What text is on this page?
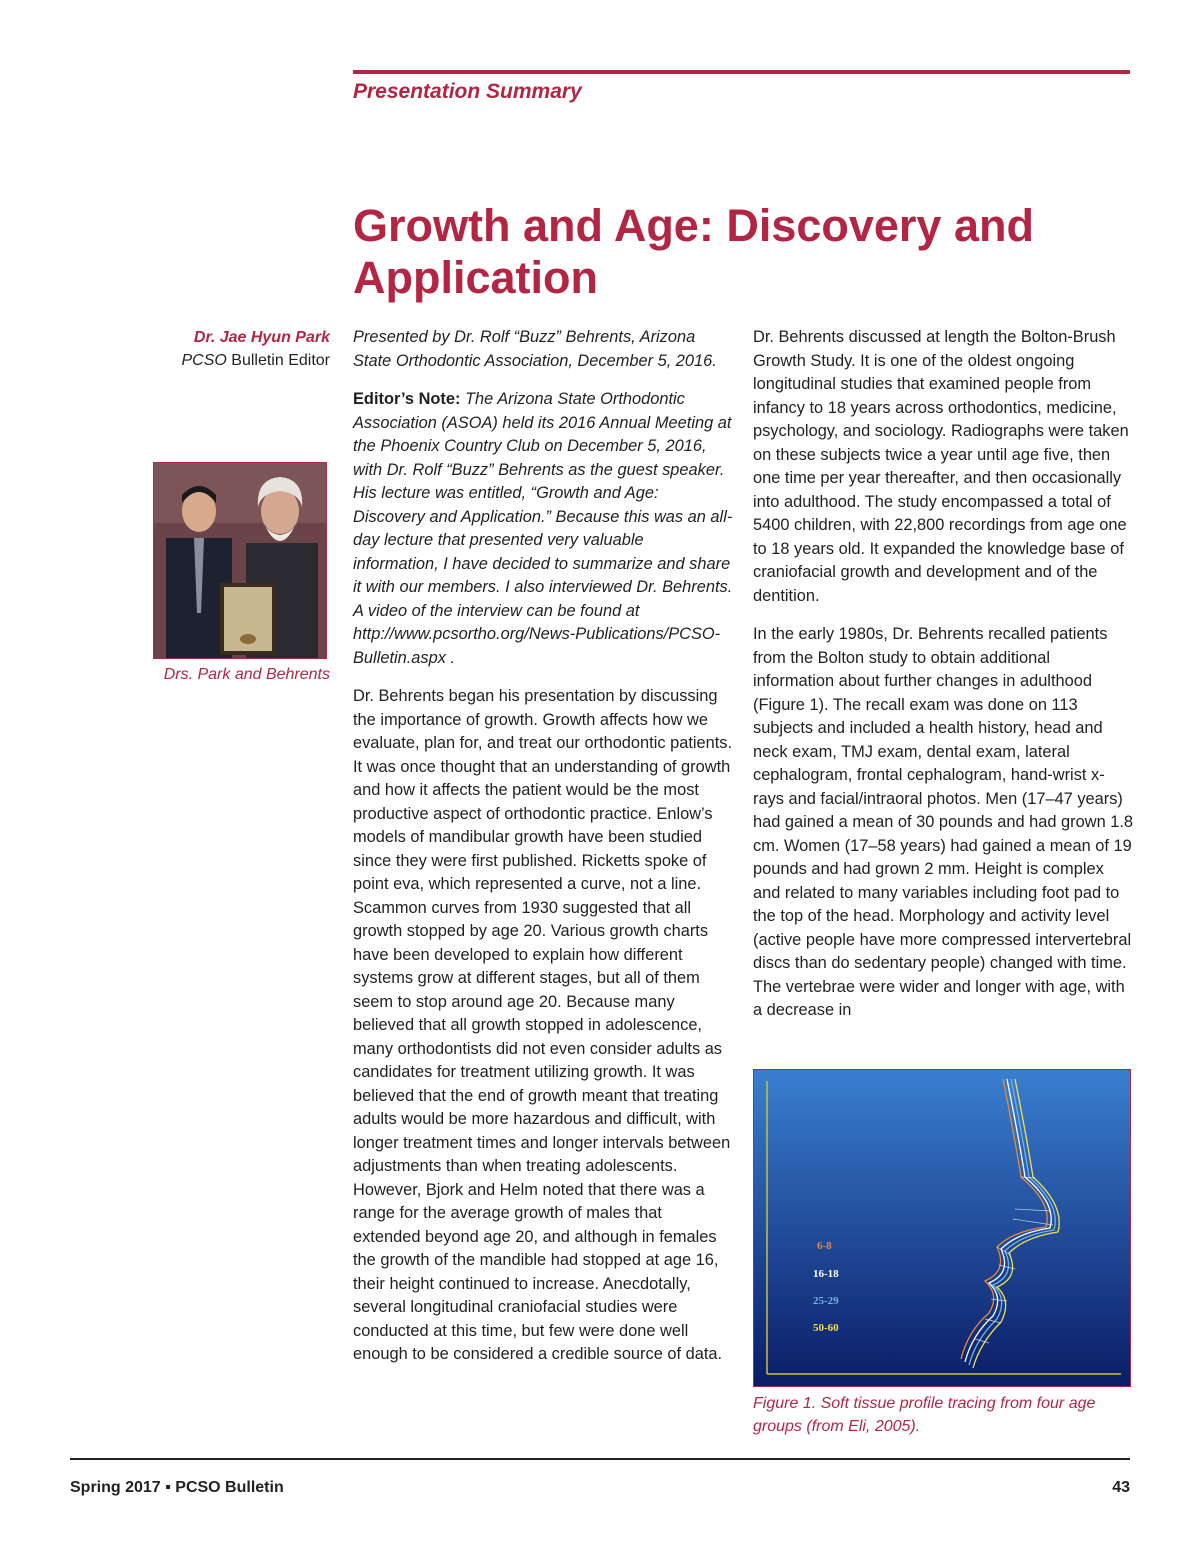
Presentation Summary
Growth and Age: Discovery and Application
Dr. Jae Hyun Park
PCSO Bulletin Editor
Drs. Park and Behrents

Presented by Dr. Rolf “Buzz” Behrents, Arizona State Orthodontic Association, December 5, 2016.

Editor’s Note: The Arizona State Orthodontic Association (ASOA) held its 2016 Annual Meeting at the Phoenix Country Club on December 5, 2016, with Dr. Rolf “Buzz” Behrents as the guest speaker. His lecture was entitled, “Growth and Age: Discovery and Application.” Because this was an all-day lecture that presented very valuable information, I have decided to summarize and share it with our members. I also interviewed Dr. Behrents. A video of the interview can be found at http://www.pcsortho.org/News-Publications/PCSO-Bulletin.aspx .

Dr. Behrents began his presentation by discussing the importance of growth. Growth affects how we evaluate, plan for, and treat our orthodontic patients. It was once thought that an understanding of growth and how it affects the patient would be the most productive aspect of orthodontic practice. Enlow’s models of mandibular growth have been studied since they were first published. Ricketts spoke of point eva, which represented a curve, not a line. Scammon curves from 1930 suggested that all growth stopped by age 20. Various growth charts have been developed to explain how different systems grow at different stages, but all of them seem to stop around age 20. Because many believed that all growth stopped in adolescence, many orthodontists did not even consider adults as candidates for treatment utilizing growth. It was believed that the end of growth meant that treating adults would be more hazardous and difficult, with longer treatment times and longer intervals between adjustments than when treating adolescents. However, Bjork and Helm noted that there was a range for the average growth of males that extended beyond age 20, and although in females the growth of the mandible had stopped at age 16, their height continued to increase. Anecdotally, several longitudinal craniofacial studies were conducted at this time, but few were done well enough to be considered a credible source of data.

Dr. Behrents discussed at length the Bolton-Brush Growth Study. It is one of the oldest ongoing longitudinal studies that examined people from infancy to 18 years across orthodontics, medicine, psychology, and sociology. Radiographs were taken on these subjects twice a year until age five, then one time per year thereafter, and then occasionally into adulthood. The study encompassed a total of 5400 children, with 22,800 recordings from age one to 18 years old. It expanded the knowledge base of craniofacial growth and development and of the dentition.

In the early 1980s, Dr. Behrents recalled patients from the Bolton study to obtain additional information about further changes in adulthood (Figure 1). The recall exam was done on 113 subjects and included a health history, head and neck exam, TMJ exam, dental exam, lateral cephalogram, frontal cephalogram, hand-wrist x-rays and facial/intraoral photos. Men (17–47 years) had gained a mean of 30 pounds and had grown 1.8 cm. Women (17–58 years) had gained a mean of 19 pounds and had grown 2 mm. Height is complex and related to many variables including foot pad to the top of the head. Morphology and activity level (active people have more compressed intervertebral discs than do sedentary people) changed with time. The vertebrae were wider and longer with age, with a decrease in

6-8
16-18
25-29
50-60
Figure 1. Soft tissue profile tracing from four age groups (from Eli, 2005).
Spring 2017 ▪ PCSO Bulletin	43
